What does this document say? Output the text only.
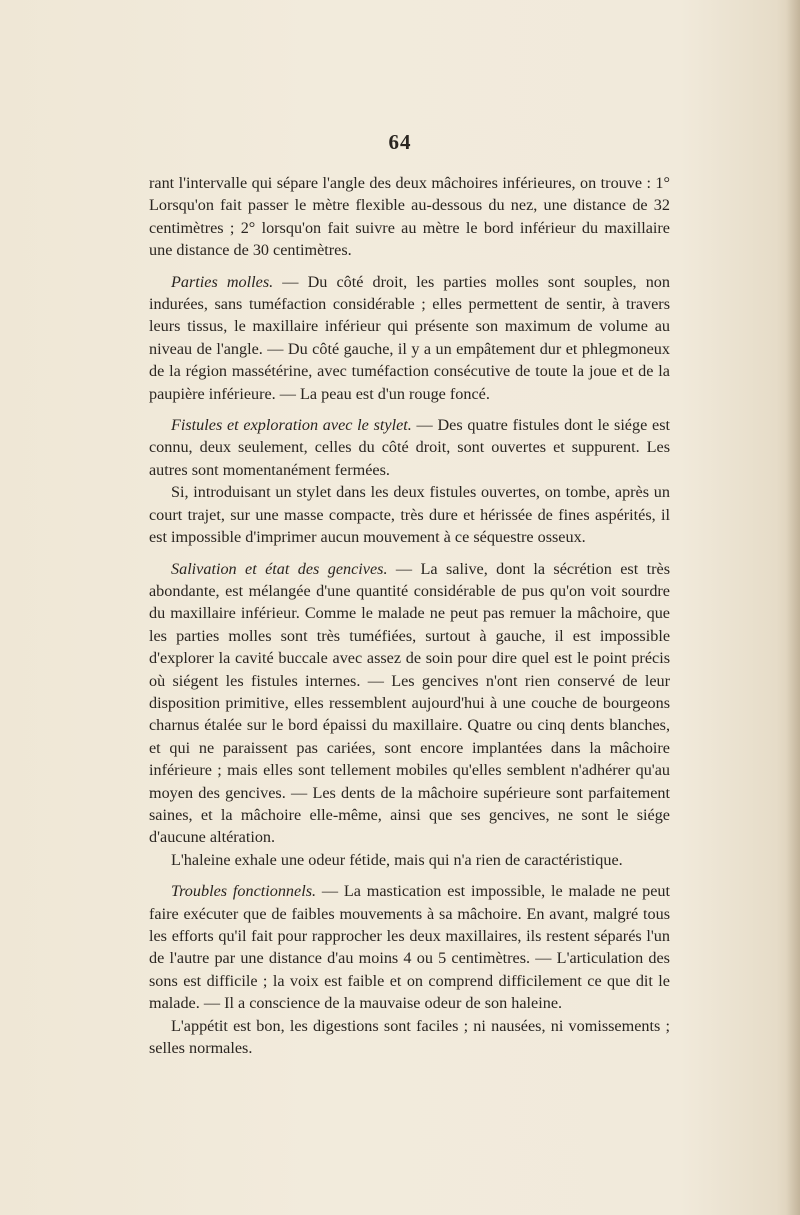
64

rant l'intervalle qui sépare l'angle des deux mâchoires inférieures, on trouve : 1° Lorsqu'on fait passer le mètre flexible au-dessous du nez, une distance de 32 centimètres ; 2° lorsqu'on fait suivre au mètre le bord inférieur du maxillaire une distance de 30 centimètres.

Parties molles. — Du côté droit, les parties molles sont souples, non indurées, sans tuméfaction considérable ; elles permettent de sentir, à travers leurs tissus, le maxillaire inférieur qui présente son maximum de volume au niveau de l'angle. — Du côté gauche, il y a un empâtement dur et phlegmoneux de la région massétérine, avec tuméfaction consécutive de toute la joue et de la paupière inférieure. — La peau est d'un rouge foncé.

Fistules et exploration avec le stylet. — Des quatre fistules dont le siége est connu, deux seulement, celles du côté droit, sont ouvertes et suppurent. Les autres sont momentanément fermées.

Si, introduisant un stylet dans les deux fistules ouvertes, on tombe, après un court trajet, sur une masse compacte, très dure et hérissée de fines aspérités, il est impossible d'imprimer aucun mouvement à ce séquestre osseux.

Salivation et état des gencives. — La salive, dont la sécrétion est très abondante, est mélangée d'une quantité considérable de pus qu'on voit sourdre du maxillaire inférieur. Comme le malade ne peut pas remuer la mâchoire, que les parties molles sont très tuméfiées, surtout à gauche, il est impossible d'explorer la cavité buccale avec assez de soin pour dire quel est le point précis où siégent les fistules internes. — Les gencives n'ont rien conservé de leur disposition primitive, elles ressemblent aujourd'hui à une couche de bourgeons charnus étalée sur le bord épaissi du maxillaire. Quatre ou cinq dents blanches, et qui ne paraissent pas cariées, sont encore implantées dans la mâchoire inférieure ; mais elles sont tellement mobiles qu'elles semblent n'adhérer qu'au moyen des gencives. — Les dents de la mâchoire supérieure sont parfaitement saines, et la mâchoire elle-même, ainsi que ses gencives, ne sont le siége d'aucune altération.

L'haleine exhale une odeur fétide, mais qui n'a rien de caractéristique.

Troubles fonctionnels. — La mastication est impossible, le malade ne peut faire exécuter que de faibles mouvements à sa mâchoire. En avant, malgré tous les efforts qu'il fait pour rapprocher les deux maxillaires, ils restent séparés l'un de l'autre par une distance d'au moins 4 ou 5 centimètres. — L'articulation des sons est difficile ; la voix est faible et on comprend difficilement ce que dit le malade. — Il a conscience de la mauvaise odeur de son haleine.

L'appétit est bon, les digestions sont faciles ; ni nausées, ni vomissements ; selles normales.
